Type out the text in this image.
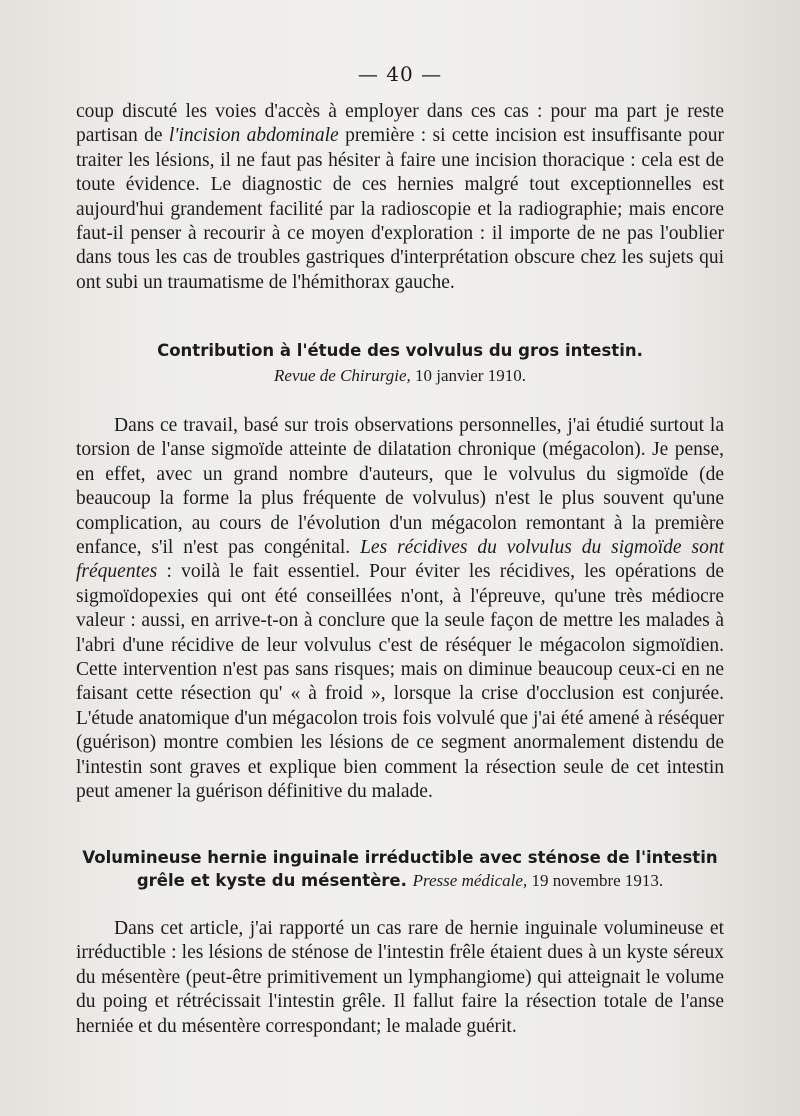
— 40 —
coup discuté les voies d'accès à employer dans ces cas : pour ma part je reste partisan de l'incision abdominale première : si cette incision est insuffisante pour traiter les lésions, il ne faut pas hésiter à faire une incision thoracique : cela est de toute évidence. Le diagnostic de ces hernies malgré tout exceptionnelles est aujourd'hui grandement facilité par la radioscopie et la radiographie; mais encore faut-il penser à recourir à ce moyen d'exploration : il importe de ne pas l'oublier dans tous les cas de troubles gastriques d'interprétation obscure chez les sujets qui ont subi un traumatisme de l'hémithorax gauche.
Contribution à l'étude des volvulus du gros intestin.
Revue de Chirurgie, 10 janvier 1910.
Dans ce travail, basé sur trois observations personnelles, j'ai étudié surtout la torsion de l'anse sigmoïde atteinte de dilatation chronique (mégacolon). Je pense, en effet, avec un grand nombre d'auteurs, que le volvulus du sigmoïde (de beaucoup la forme la plus fréquente de volvulus) n'est le plus souvent qu'une complication, au cours de l'évolution d'un mégacolon remontant à la première enfance, s'il n'est pas congénital. Les récidives du volvulus du sigmoïde sont fréquentes : voilà le fait essentiel. Pour éviter les récidives, les opérations de sigmoïdopexies qui ont été conseillées n'ont, à l'épreuve, qu'une très médiocre valeur : aussi, en arrive-t-on à conclure que la seule façon de mettre les malades à l'abri d'une récidive de leur volvulus c'est de réséquer le mégacolon sigmoïdien. Cette intervention n'est pas sans risques; mais on diminue beaucoup ceux-ci en ne faisant cette résection qu' « à froid », lorsque la crise d'occlusion est conjurée. L'étude anatomique d'un mégacolon trois fois volvulé que j'ai été amené à réséquer (guérison) montre combien les lésions de ce segment anormalement distendu de l'intestin sont graves et explique bien comment la résection seule de cet intestin peut amener la guérison définitive du malade.
Volumineuse hernie inguinale irréductible avec sténose de l'intestin
grêle et kyste du mésentère. Presse médicale, 19 novembre 1913.
Dans cet article, j'ai rapporté un cas rare de hernie inguinale volumineuse et irréductible : les lésions de sténose de l'intestin frêle étaient dues à un kyste séreux du mésentère (peut-être primitivement un lymphangiome) qui atteignait le volume du poing et rétrécissait l'intestin grêle. Il fallut faire la résection totale de l'anse herniée et du mésentère correspondant; le malade guérit.
